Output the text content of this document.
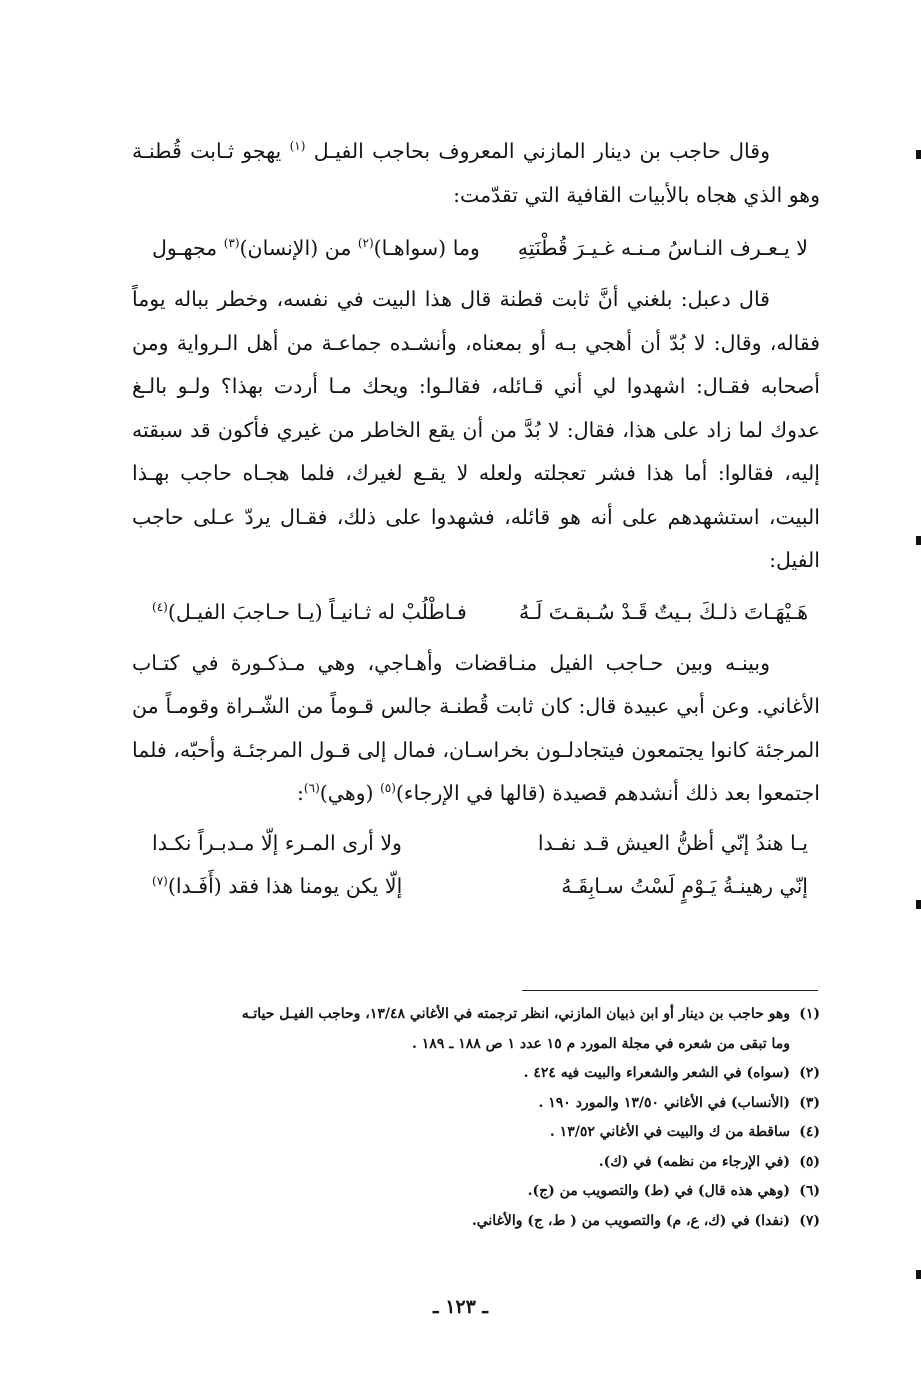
وقال حاجب بن دينار المازني المعروف بحاجب الفيـل $^{(١)}$ يهجو ثـابت قُطنـة وهو الذي هجاه بالأبيات القافية التي تقدّمت:

لا يـعـرف النـاسُ مـنـه غـيـرَ قُطْنَتِهِ
وما (سواهـا)$^{(٢)}$ من (الإنسان)$^{(٣)}$ مجهـول

قال دعبل: بلغني أنَّ ثابت قطنة قال هذا البيت في نفسه، وخطر بباله يوماً فقاله، وقال: لا بُدّ أن أهجي بـه أو بمعناه، وأنشـده جماعـة من أهل الـرواية ومن أصحابه فقـال: اشهدوا لي أني قـائله، فقالـوا: ويحك مـا أردت بهذا؟ ولـو بالـغ عدوك لما زاد على هذا، فقال: لا بُدَّ من أن يقع الخاطر من غيري فأكون قد سبقته إليه، فقالوا: أما هذا فشر تعجلته ولعله لا يقـع لغيرك، فلما هجـاه حاجب بهـذا البيت، استشهدهم على أنه هو قائله، فشهدوا على ذلك، فقـال يردّ عـلى حاجب الفيل:

هَـيْهَـاتَ ذلـكَ بـيتٌ قَـدْ سُـبقـتَ لَـهُ
فـاطْلُبْ له ثـانيـاً (يـا حـاجبَ الفيـل)$^{(٤)}$

وبينـه وبين حـاجب الفيل منـاقضات وأهـاجي، وهي مـذكـورة في كتـاب الأغاني. وعن أبي عبيدة قال: كان ثابت قُطنـة جالس قـوماً من الشّـراة وقومـاً من المرجئة كانوا يجتمعون فيتجادلـون بخراسـان، فمال إلى قـول المرجئـة وأحبّه، فلما اجتمعوا بعد ذلك أنشدهم قصيدة (قالها في الإرجاء)$^{(٥)}$ (وهي)$^{(٦)}$:

يـا هندُ إنّي أظنُّ العيش قـد نفـدا
ولا أرى المـرء إلّا مـدبـراً نكـدا
إنّي رهينـةُ يَـوْمٍ لَسْتُ سـابِقَـهُ
إلّا يكن يومنا هذا فقد (أَفَـدا)$^{(٧)}$

(١)وهو حاجب بن دينار أو ابن ذبيان المازني، انظر ترجمته في الأغاني ١٣/٤٨، وحاجب الفيـل حياتـه

وما تبقى من شعره في مجلة المورد م ١٥ عدد ١ ص ١٨٨ ـ ١٨٩ .

(٢)(سواه) في الشعر والشعراء والبيت فيه ٤٢٤ .

(٣)(الأنساب) في الأغاني ١٣/٥٠ والمورد ١٩٠ .

(٤)ساقطة من ك والبيت في الأغاني ١٣/٥٢ .

(٥)(في الإرجاء من نظمه) في (ك).

(٦)(وهي هذه قال) في (ط) والتصويب من (ج).

(٧)(نفدا) في (ك، ع، م) والتصويب من ( ط، ج) والأغاني.

ـ ١٢٣ ـ
